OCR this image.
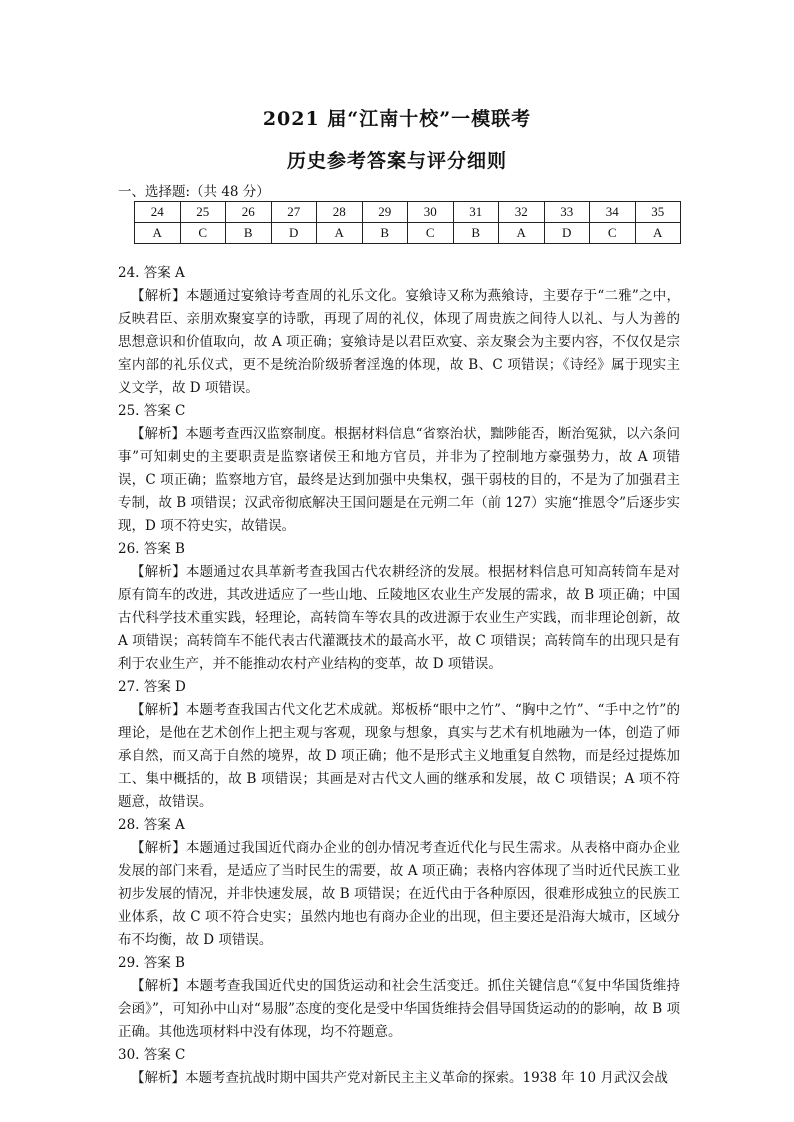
2021 届“江南十校”一模联考
历史参考答案与评分细则
一、选择题:（共 48 分）
24	25	26	27	28	29	30	31	32	33	34	35
A	C	B	D	A	B	C	B	A	D	C	A

24. 答案 A

【解析】本题通过宴飨诗考查周的礼乐文化。宴飨诗又称为燕飨诗，主要存于“二雅”之中，反映君臣、亲朋欢聚宴享的诗歌，再现了周的礼仪，体现了周贵族之间待人以礼、与人为善的思想意识和价值取向，故 A 项正确；宴飨诗是以君臣欢宴、亲友聚会为主要内容，不仅仅是宗室内部的礼乐仪式，更不是统治阶级骄奢淫逸的体现，故 B、C 项错误；《诗经》属于现实主义文学，故 D 项错误。

25. 答案 C

【解析】本题考查西汉监察制度。根据材料信息“省察治状，黜陟能否，断治冤狱，以六条问事”可知刺史的主要职责是监察诸侯王和地方官员，并非为了控制地方豪强势力，故 A 项错误，C 项正确；监察地方官，最终是达到加强中央集权，强干弱枝的目的，不是为了加强君主专制，故 B 项错误；汉武帝彻底解决王国问题是在元朔二年（前 127）实施“推恩令”后逐步实现，D 项不符史实，故错误。

26. 答案 B

【解析】本题通过农具革新考查我国古代农耕经济的发展。根据材料信息可知高转筒车是对原有筒车的改进，其改进适应了一些山地、丘陵地区农业生产发展的需求，故 B 项正确；中国古代科学技术重实践，轻理论，高转筒车等农具的改进源于农业生产实践，而非理论创新，故 A 项错误；高转筒车不能代表古代灌溉技术的最高水平，故 C 项错误；高转筒车的出现只是有利于农业生产，并不能推动农村产业结构的变革，故 D 项错误。

27. 答案 D

【解析】本题考查我国古代文化艺术成就。郑板桥“眼中之竹”、“胸中之竹”、“手中之竹”的理论，是他在艺术创作上把主观与客观，现象与想象，真实与艺术有机地融为一体，创造了师承自然，而又高于自然的境界，故 D 项正确；他不是形式主义地重复自然物，而是经过提炼加工、集中概括的，故 B 项错误；其画是对古代文人画的继承和发展，故 C 项错误；A 项不符题意，故错误。

28. 答案 A

【解析】本题通过我国近代商办企业的创办情况考查近代化与民生需求。从表格中商办企业发展的部门来看，是适应了当时民生的需要，故 A 项正确；表格内容体现了当时近代民族工业初步发展的情况，并非快速发展，故 B 项错误；在近代由于各种原因，很难形成独立的民族工业体系，故 C 项不符合史实；虽然内地也有商办企业的出现，但主要还是沿海大城市，区域分布不均衡，故 D 项错误。

29. 答案 B

【解析】本题考查我国近代史的国货运动和社会生活变迁。抓住关键信息“《复中华国货维持会函》”，可知孙中山对“易服”态度的变化是受中华国货维持会倡导国货运动的的影响，故 B 项正确。其他选项材料中没有体现，均不符题意。

30. 答案 C

【解析】本题考查抗战时期中国共产党对新民主主义革命的探索。1938 年 10 月武汉会战
